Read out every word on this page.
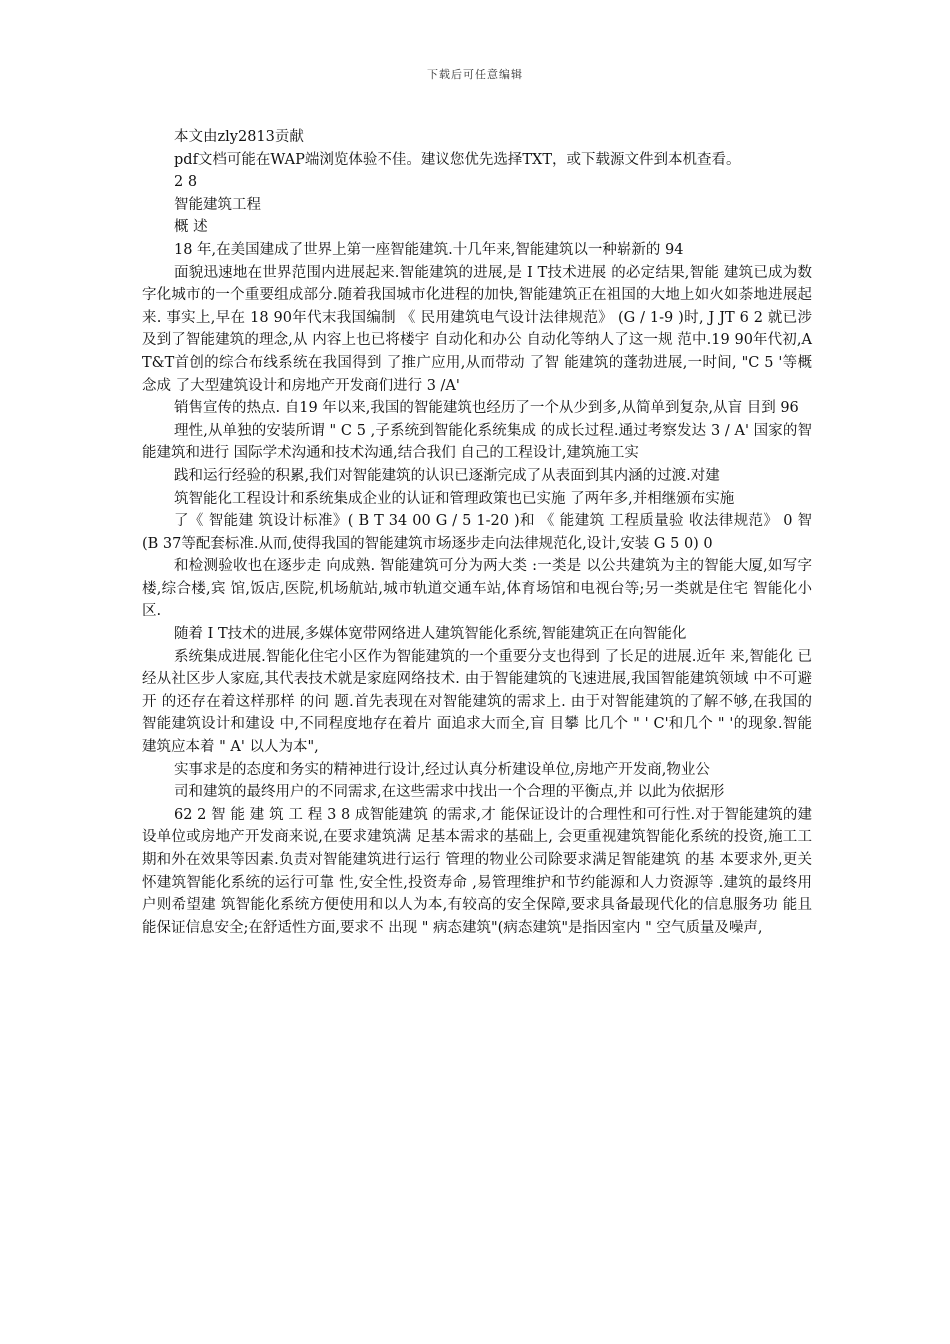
下载后可任意编辑

本文由zly2813贡献

pdf文档可能在WAP端浏览体验不佳。建议您优先选择TXT，或下载源文件到本机查看。

2 8

智能建筑工程

概 述

18 年,在美国建成了世界上第一座智能建筑.十几年来,智能建筑以一种崭新的 94

面貌迅速地在世界范围内进展起来.智能建筑的进展,是 I T技术进展 的必定结果,智能 建筑已成为数字化城市的一个重要组成部分.随着我国城市化进程的加快,智能建筑正在祖国的大地上如火如荼地进展起来. 事实上,早在 18 90年代末我国编制 《 民用建筑电气设计法律规范》 (G / 1-9 )时, J JT 6 2 就已涉及到了智能建筑的理念,从 内容上也已将楼宇 自动化和办公 自动化等纳人了这一规 范中.19 90年代初,A T&T首创的综合布线系统在我国得到 了推广应用,从而带动 了智 能建筑的蓬勃进展,一时间, "C 5 '等概念成 了大型建筑设计和房地产开发商们进行 3 /A'

销售宣传的热点. 自19 年以来,我国的智能建筑也经历了一个从少到多,从简单到复杂,从盲 目到 96

理性,从单独的安装所谓 " C 5 ,子系统到智能化系统集成 的成长过程.通过考察发达 3 / A' 国家的智能建筑和进行 国际学术沟通和技术沟通,结合我们 自己的工程设计,建筑施工实

践和运行经验的积累,我们对智能建筑的认识已逐渐完成了从表面到其内涵的过渡.对建

筑智能化工程设计和系统集成企业的认证和管理政策也已实施 了两年多,并相继颁布实施

了《 智能建 筑设计标准》( B T 34 00 G / 5 1-20 )和 《 能建筑 工程质量验 收法律规范》 0 智 (B 37等配套标准.从而,使得我国的智能建筑市场逐步走向法律规范化,设计,安装 G 5 0) 0

和检测验收也在逐步走 向成熟. 智能建筑可分为两大类 :一类是 以公共建筑为主的智能大厦,如写字楼,综合楼,宾 馆,饭店,医院,机场航站,城市轨道交通车站,体育场馆和电视台等;另一类就是住宅 智能化小区.

随着 I T技术的进展,多媒体宽带网络进人建筑智能化系统,智能建筑正在向智能化

系统集成进展.智能化住宅小区作为智能建筑的一个重要分支也得到 了长足的进展.近年 来,智能化 已经从社区步人家庭,其代表技术就是家庭网络技术. 由于智能建筑的飞速进展,我国智能建筑领域 中不可避开 的还存在着这样那样 的问 题.首先表现在对智能建筑的需求上. 由于对智能建筑的了解不够,在我国的智能建筑设计和建设 中,不同程度地存在着片 面追求大而全,盲 目攀 比几个 " ' C'和几个 " '的现象.智能建筑应本着 " A' 以人为本",

实事求是的态度和务实的精神进行设计,经过认真分析建设单位,房地产开发商,物业公

司和建筑的最终用户的不同需求,在这些需求中找出一个合理的平衡点,并 以此为依据形

62 2 智 能 建 筑 工 程 3 8 成智能建筑 的需求,才 能保证设计的合理性和可行性.对于智能建筑的建设单位或房地产开发商来说,在要求建筑满 足基本需求的基础上, 会更重视建筑智能化系统的投资,施工工期和外在效果等因素.负责对智能建筑进行运行 管理的物业公司除要求满足智能建筑 的基 本要求外,更关怀建筑智能化系统的运行可靠 性,安全性,投资寿命 ,易管理维护和节约能源和人力资源等 .建筑的最终用户则希望建 筑智能化系统方便使用和以人为本,有较高的安全保障,要求具备最现代化的信息服务功 能且能保证信息安全;在舒适性方面,要求不 出现 " 病态建筑"(病态建筑"是指因室内 " 空气质量及噪声,
